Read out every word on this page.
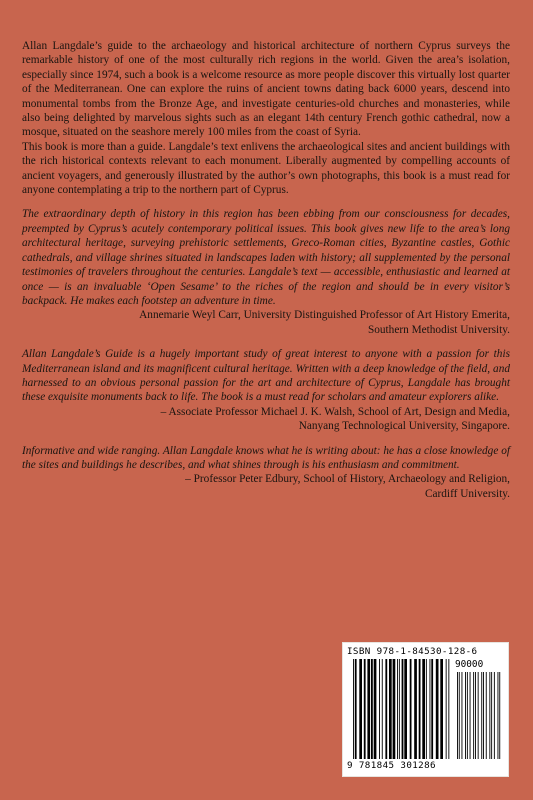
Allan Langdale’s guide to the archaeology and historical architecture of northern Cyprus surveys the remarkable history of one of the most culturally rich regions in the world. Given the area’s isolation, especially since 1974, such a book is a welcome resource as more people discover this virtually lost quarter of the Mediterranean. One can explore the ruins of ancient towns dating back 6000 years, descend into monumental tombs from the Bronze Age, and investigate centuries-old churches and monasteries, while also being delighted by marvelous sights such as an elegant 14th century French gothic cathedral, now a mosque, situated on the seashore merely 100 miles from the coast of Syria.

This book is more than a guide. Langdale’s text enlivens the archaeological sites and ancient buildings with the rich historical contexts relevant to each monument. Liberally augmented by compelling accounts of ancient voyagers, and generously illustrated by the author’s own photographs, this book is a must read for anyone contemplating a trip to the northern part of Cyprus.

The extraordinary depth of history in this region has been ebbing from our consciousness for decades, preempted by Cyprus’s acutely contemporary political issues. This book gives new life to the area’s long architectural heritage, surveying prehistoric settlements, Greco-Roman cities, Byzantine castles, Gothic cathedrals, and village shrines situated in landscapes laden with history; all supplemented by the personal testimonies of travelers throughout the centuries. Langdale’s text — accessible, enthusiastic and learned at once — is an invaluable ‘Open Sesame’ to the riches of the region and should be in every visitor’s backpack. He makes each footstep an adventure in time.

Annemarie Weyl Carr, University Distinguished Professor of Art History Emerita,

Southern Methodist University.

Allan Langdale’s Guide is a hugely important study of great interest to anyone with a passion for this Mediterranean island and its magnificent cultural heritage. Written with a deep knowledge of the field, and harnessed to an obvious personal passion for the art and architecture of Cyprus, Langdale has brought these exquisite monuments back to life. The book is a must read for scholars and amateur explorers alike.

– Associate Professor Michael J. K. Walsh, School of Art, Design and Media,

Nanyang Technological University, Singapore.

Informative and wide ranging. Allan Langdale knows what he is writing about: he has a close knowledge of the sites and buildings he describes, and what shines through is his enthusiasm and commitment.

– Professor Peter Edbury, School of History, Archaeology and Religion,

Cardiff University.

ISBN 978-1-84530-128-6
90000
9 781845 301286
